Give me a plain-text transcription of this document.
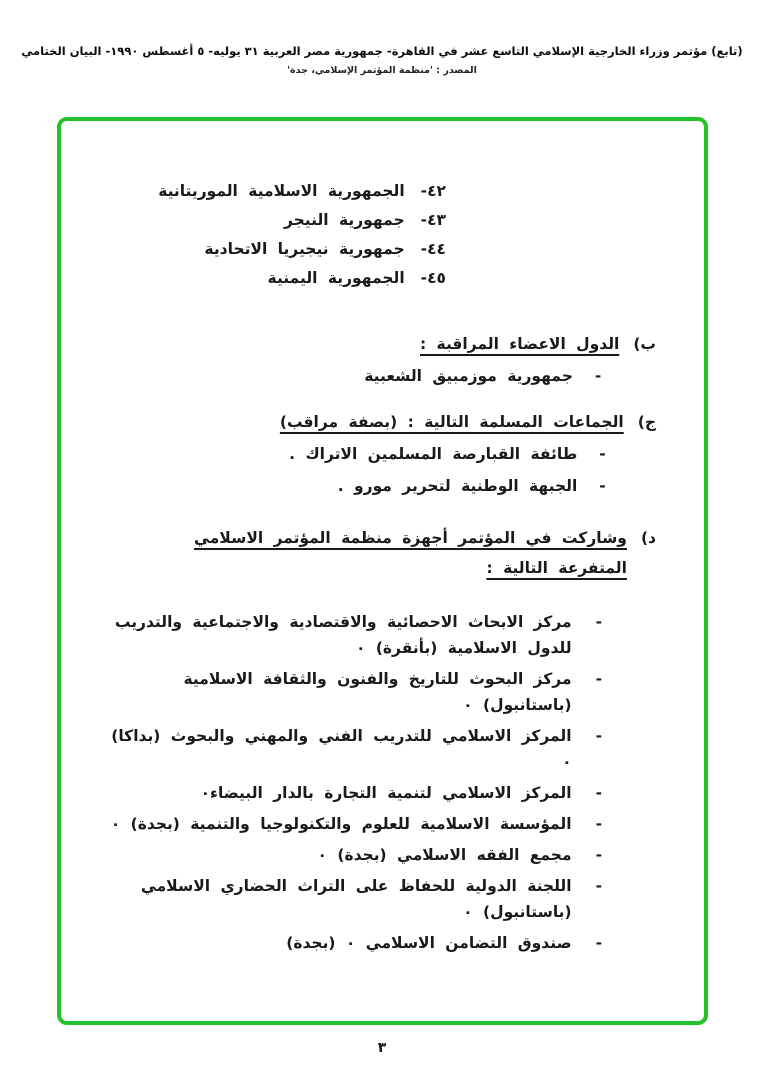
(تابع) مؤتمر وزراء الخارجية الإسلامي التاسع عشر في القاهرة- جمهورية مصر العربية ٣١ يوليه- ٥ أغسطس ١٩٩٠- البيان الختامي
المصدر : 'منظمة المؤتمر الإسلامي، جدة'
٤٢-
الجمهورية الاسلامية الموريتانية
٤٣-
جمهورية النيجر
٤٤-
جمهورية نيجيريا الاتحادية
٤٥-
الجمهورية اليمنية
ب)
الدول الاعضاء المراقبة :
-
جمهورية موزمبيق الشعبية
ج)
الجماعات المسلمة التالية : (بصفة مراقب)
-
طائفة القبارصة المسلمين الاتراك .
-
الجبهة الوطنية لتحرير مورو .
د)
وشاركت في المؤتمر أجهزة منظمة المؤتمر الاسلامي
المتفرعة التالية :
-
مركز الابحاث الاحصائية والاقتصادية والاجتماعية والتدريب للدول الاسلامية (بأنقرة) ٠
-
مركز البحوث للتاريخ والفنون والثقافة الاسلامية (باستانبول) ٠
-
المركز الاسلامي للتدريب الفني والمهني والبحوث (بداكا) ٠
-
المركز الاسلامي لتنمية التجارة بالدار البيضاء٠
-
المؤسسة الاسلامية للعلوم والتكنولوجيا والتنمية (بجدة) ٠
-
مجمع الفقه الاسلامي (بجدة) ٠
-
اللجنة الدولية للحفاظ على التراث الحضاري الاسلامي (باستانبول) ٠
-
صندوق التضامن الاسلامي ٠ (بجدة)
٣
